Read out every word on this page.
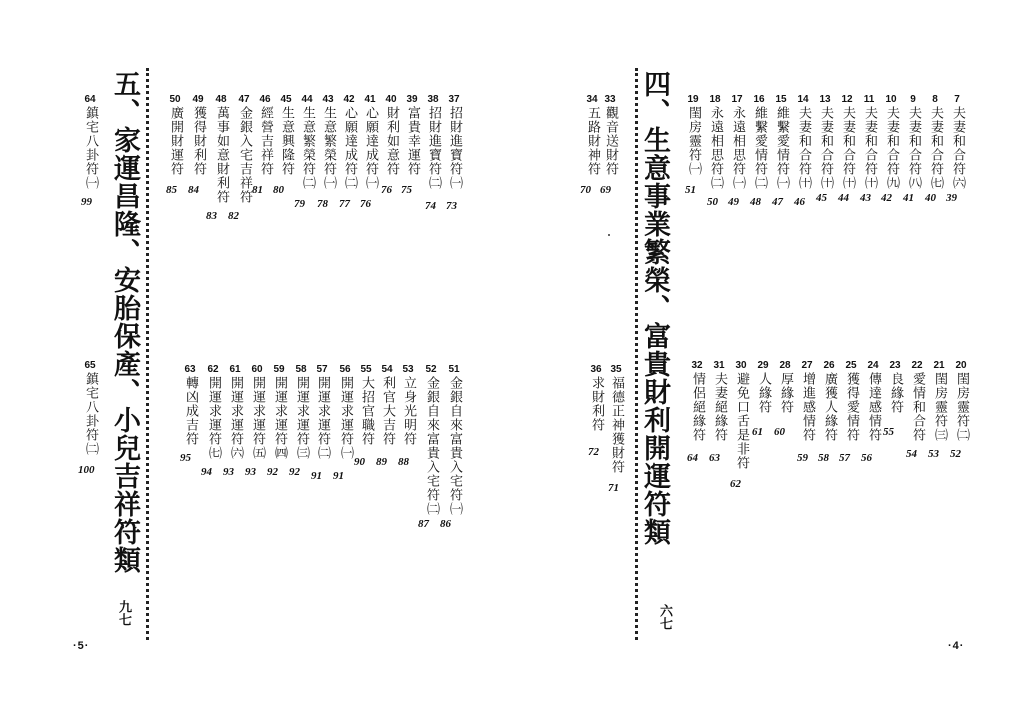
五、家運昌隆、安胎保產、小兒吉祥符類
九七
·5·
37
招財進寶符㈠
38
招財進寶符㈡
39
富貴幸運符
40
財利如意符
41
心願達成符㈠
42
心願達成符㈡
43
生意繁榮符㈠
44
生意繁榮符㈡
45
生意興隆符
46
經營吉祥符
47
金銀入宅吉祥符
48
萬事如意財利符
49
獲得財利符
50
廣開財運符
73
74
75
76
76
77
78
79
80
81
82
83
84
85
51
金銀自來富貴入宅符㈠
52
金銀自來富貴入宅符㈡
53
立身光明符
54
利官大吉符
55
大招官職符
56
開運求運符㈠
57
開運求運符㈡
58
開運求運符㈢
59
開運求運符㈣
60
開運求運符㈤
61
開運求運符㈥
62
開運求運符㈦
63
轉凶成吉符
86
87
88
89
90
91
91
92
92
93
93
94
95
64
鎮宅八卦符㈠
99
65
鎮宅八卦符㈡
100	四、生意事業繁榮、富貴財利開運符類
六七
·4·
7
夫妻和合符㈥
8
夫妻和合符㈦
9
夫妻和合符㈧
10
夫妻和合符㈨
11
夫妻和合符㈩
12
夫妻和合符㈩
13
夫妻和合符㈩
14
夫妻和合符㈩
15
維繫愛情符㈠
16
維繫愛情符㈡
17
永遠相思符㈠
18
永遠相思符㈡
19
閨房靈符㈠
39
40
41
42
43
44
45
46
47
48
49
50
51
20
閨房靈符㈡
21
閨房靈符㈢
22
愛情和合符
23
良緣符
24
傳達感情符
25
獲得愛情符
26
廣獲人緣符
27
增進感情符
28
厚緣符
29
人緣符
30
避免口舌是非符
31
夫妻絕緣符
32
情侶絕緣符
52
53
54
55
56
57
58
59
60
61
62
63
64
33
觀音送財符
34
五路財神符
69
70
35
福德正神獲財符
36
求財利符
71
72
